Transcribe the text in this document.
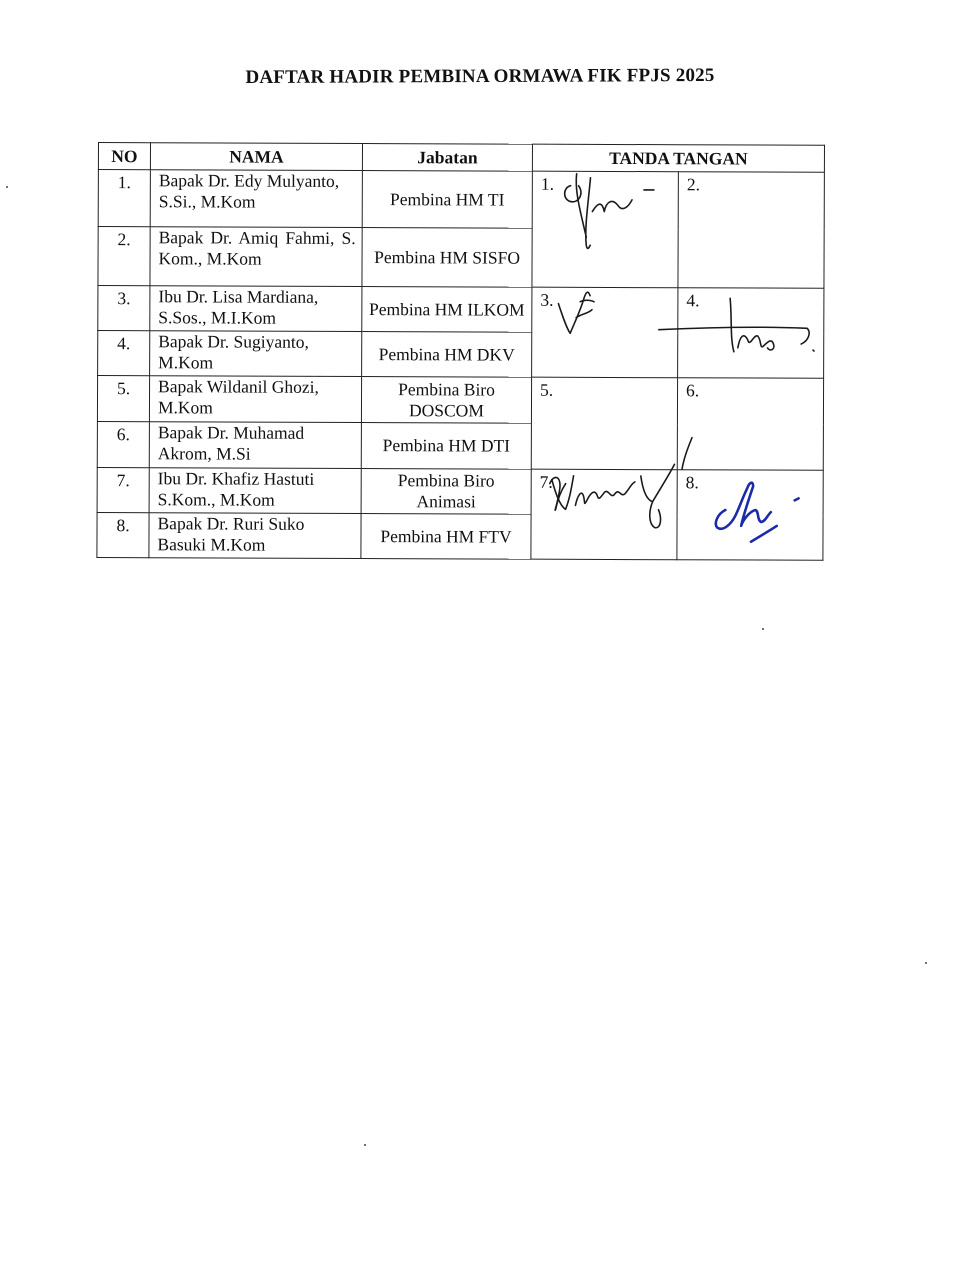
DAFTAR HADIR PEMBINA ORMAWA FIK FPJS 2025
NO	NAMA	Jabatan	TANDA TANGAN	
1.	Bapak Dr. Edy Mulyanto, S.Si., M.Kom	Pembina HM TI	1.	2.

2.	Bapak Dr. Amiq Fahmi, S. Kom., M.Kom	Pembina HM SISFO		
3.	Ibu Dr. Lisa Mardiana, S.Sos., M.I.Kom	Pembina HM ILKOM	3.	4.

4.	Bapak Dr. Sugiyanto, M.Kom	Pembina HM DKV		
5.	Bapak Wildanil Ghozi, M.Kom	Pembina Biro DOSCOM	5.	6.

6.	Bapak Dr. Muhamad Akrom, M.Si	Pembina HM DTI		
7.	Ibu Dr. Khafiz Hastuti S.Kom., M.Kom	Pembina Biro Animasi	7.	8.

8.	Bapak Dr. Ruri Suko Basuki M.Kom	Pembina HM FTV		
